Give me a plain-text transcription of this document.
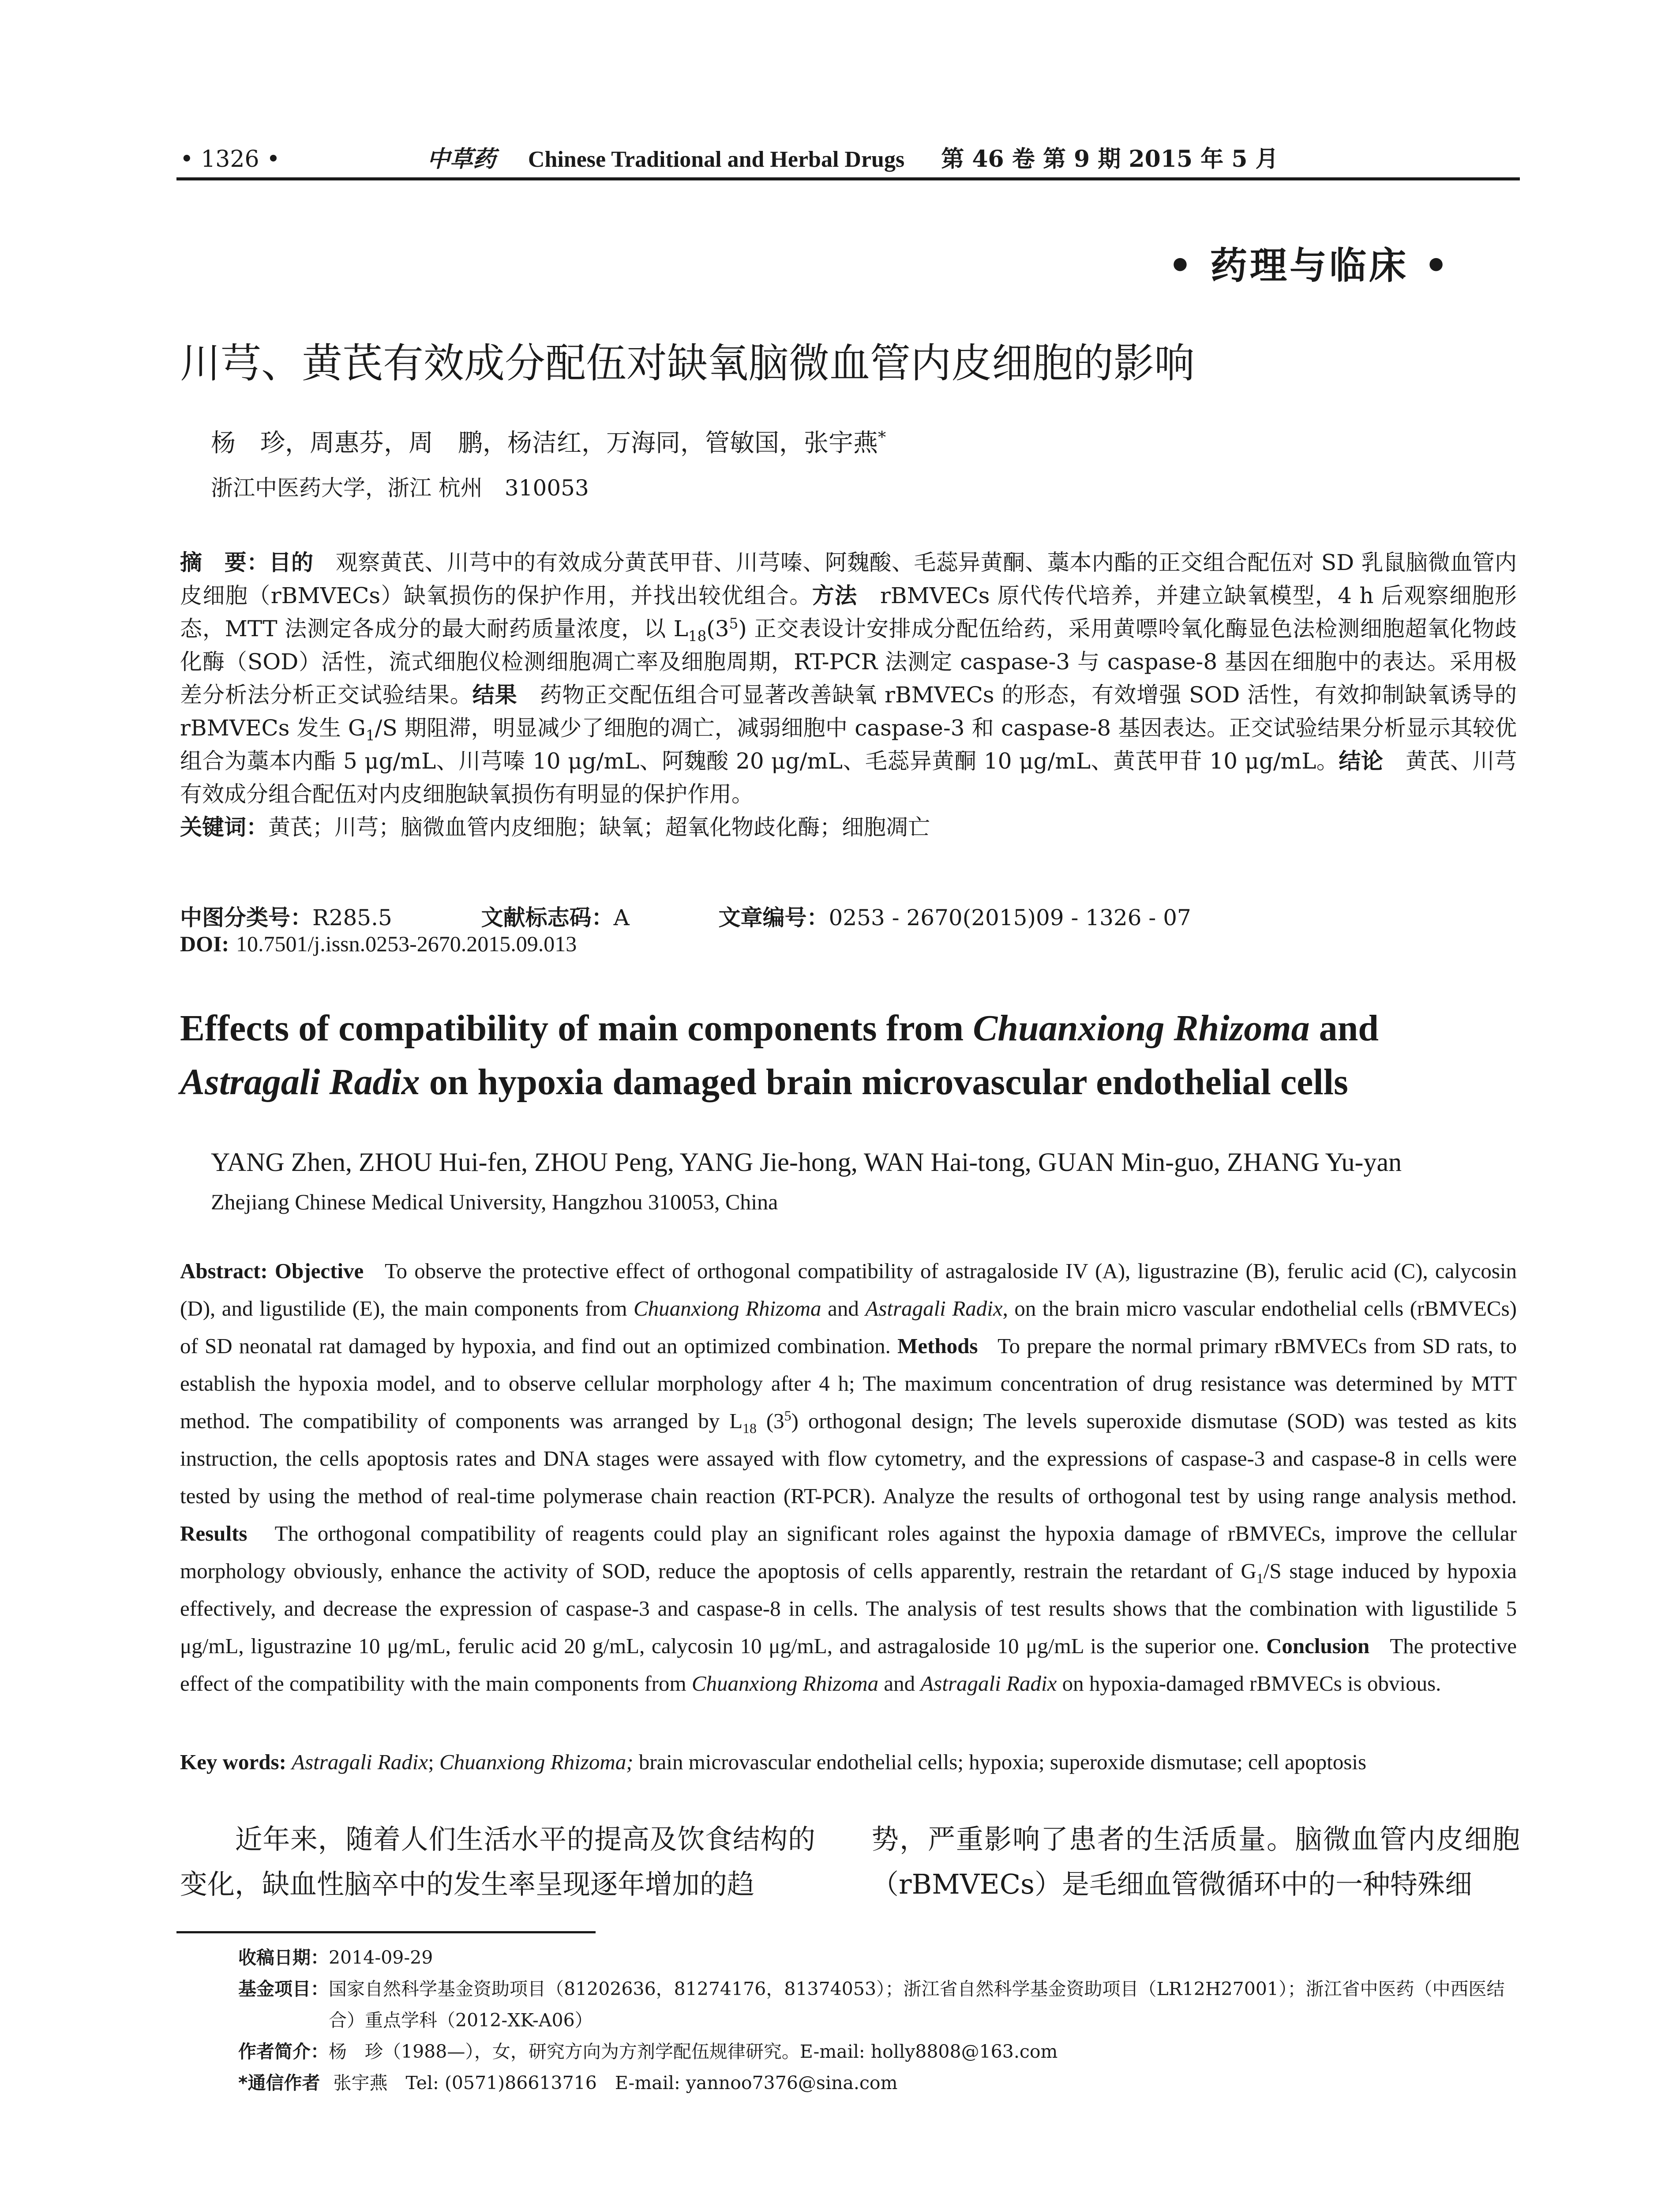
• 1326 •	中草药 Chinese Traditional and Herbal Drugs 第 46 卷 第 9 期 2015 年 5 月
• 药理与临床 •
川芎、黄芪有效成分配伍对缺氧脑微血管内皮细胞的影响
杨　珍，周惠芬，周　鹏，杨洁红，万海同，管敏国，张宇燕*
浙江中医药大学，浙江 杭州　310053
摘　要：目的　 观察黄芪、川芎中的有效成分黄芪甲苷、川芎嗪、阿魏酸、毛蕊异黄酮、藁本内酯的正交组合配伍对 SD 乳鼠脑微血管内皮细胞（rBMVECs）缺氧损伤的保护作用，并找出较优组合。方法　 rBMVECs 原代传代培养，并建立缺氧模型，4 h 后观察细胞形态，MTT 法测定各成分的最大耐药质量浓度，以 $L_{18}(3^5)$ 正交表设计安排成分配伍给药，采用黄嘌呤氧化酶显色法检测细胞超氧化物歧化酶（SOD）活性，流式细胞仪检测细胞凋亡率及细胞周期，RT-PCR 法测定 caspase-3 与 caspase-8 基因在细胞中的表达。采用极差分析法分析正交试验结果。结果　 药物正交配伍组合可显著改善缺氧 rBMVECs 的形态，有效增强 SOD 活性，有效抑制缺氧诱导的 rBMVECs 发生 $G_1/S$ 期阻滞，明显减少了细胞的凋亡，减弱细胞中 caspase-3 和 caspase-8 基因表达。正交试验结果分析显示其较优组合为藁本内酯 5 μg/mL、川芎嗪 10 μg/mL、阿魏酸 20 μg/mL、毛蕊异黄酮 10 μg/mL、黄芪甲苷 10 μg/mL。结论　 黄芪、川芎有效成分组合配伍对内皮细胞缺氧损伤有明显的保护作用。
关键词：黄芪；川芎；脑微血管内皮细胞；缺氧；超氧化物歧化酶；细胞凋亡
中图分类号：R285.5	文献标志码：A	文章编号：0253 - 2670(2015)09 - 1326 - 07
DOI: 10.7501/j.issn.0253-2670.2015.09.013
Effects of compatibility of main components from Chuanxiong Rhizoma and
Astragali Radix on hypoxia damaged brain microvascular endothelial cells
YANG Zhen, ZHOU Hui-fen, ZHOU Peng, YANG Jie-hong, WAN Hai-tong, GUAN Min-guo, ZHANG Yu-yan
Zhejiang Chinese Medical University, Hangzhou 310053, China
Abstract: Objective To observe the protective effect of orthogonal compatibility of astragaloside IV (A), ligustrazine (B), ferulic acid (C), calycosin (D), and ligustilide (E), the main components from Chuanxiong Rhizoma and Astragali Radix, on the brain micro vascular endothelial cells (rBMVECs) of SD neonatal rat damaged by hypoxia, and find out an optimized combination. Methods To prepare the normal primary rBMVECs from SD rats, to establish the hypoxia model, and to observe cellular morphology after 4 h; The maximum concentration of drug resistance was determined by MTT method. The compatibility of components was arranged by $L_{18}$ $(3^5)$ orthogonal design; The levels superoxide dismutase (SOD) was tested as kits instruction, the cells apoptosis rates and DNA stages were assayed with flow cytometry, and the expressions of caspase-3 and caspase-8 in cells were tested by using the method of real-time polymerase chain reaction (RT-PCR). Analyze the results of orthogonal test by using range analysis method. Results The orthogonal compatibility of reagents could play an significant roles against the hypoxia damage of rBMVECs, improve the cellular morphology obviously, enhance the activity of SOD, reduce the apoptosis of cells apparently, restrain the retardant of $G_1/S$ stage induced by hypoxia effectively, and decrease the expression of caspase-3 and caspase-8 in cells. The analysis of test results shows that the combination with ligustilide 5 μg/mL, ligustrazine 10 μg/mL, ferulic acid 20 g/mL, calycosin 10 μg/mL, and astragaloside 10 μg/mL is the superior one. Conclusion The protective effect of the compatibility with the main components from Chuanxiong Rhizoma and Astragali Radix on hypoxia-damaged rBMVECs is obvious.
Key words: Astragali Radix; Chuanxiong Rhizoma; brain microvascular endothelial cells; hypoxia; superoxide dismutase; cell apoptosis
近年来，随着人们生活水平的提高及饮食结构的变化，缺血性脑卒中的发生率呈现逐年增加的趋
势，严重影响了患者的生活质量。脑微血管内皮细胞（rBMVECs）是毛细血管微循环中的一种特殊细
收稿日期： 2014-09-29
基金项目： 国家自然科学基金资助项目（81202636，81274176，81374053）；浙江省自然科学基金资助项目（LR12H27001）；浙江省中医药（中西医结合）重点学科（2012-XK-A06）
作者简介： 杨　珍（1988—），女，研究方向为方剂学配伍规律研究。E-mail: holly8808@163.com
*通信作者 张宇燕　Tel: (0571)86613716　E-mail: yannoo7376@sina.com
